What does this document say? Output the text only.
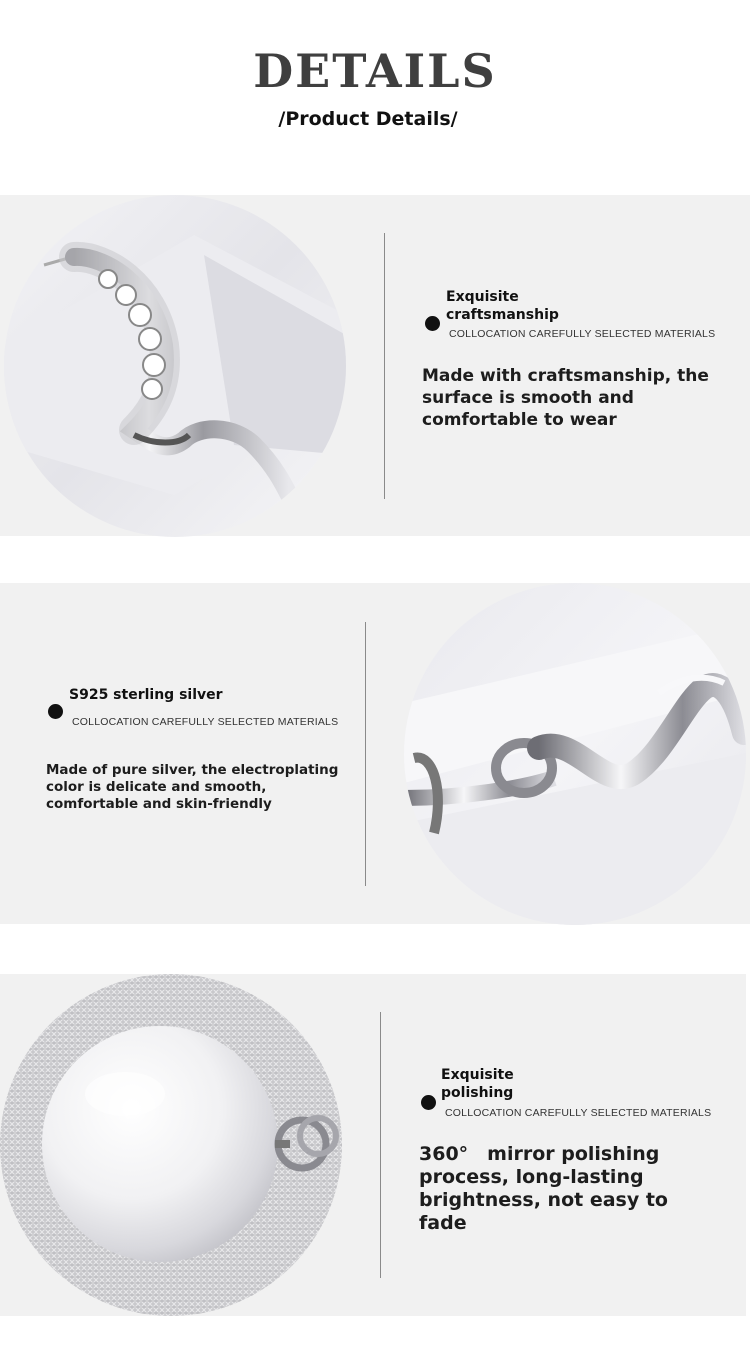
DETAILS
/Product Details/
Exquisite
craftsmanship
COLLOCATION CAREFULLY SELECTED MATERIALS
Made with craftsmanship, the surface is smooth and comfortable to wear
S925 sterling silver
COLLOCATION CAREFULLY SELECTED MATERIALS
Made of pure silver, the electroplating color is delicate and smooth, comfortable and skin-friendly
Exquisite
polishing
COLLOCATION CAREFULLY SELECTED MATERIALS
360° mirror polishing process, long-lasting brightness, not easy to fade
